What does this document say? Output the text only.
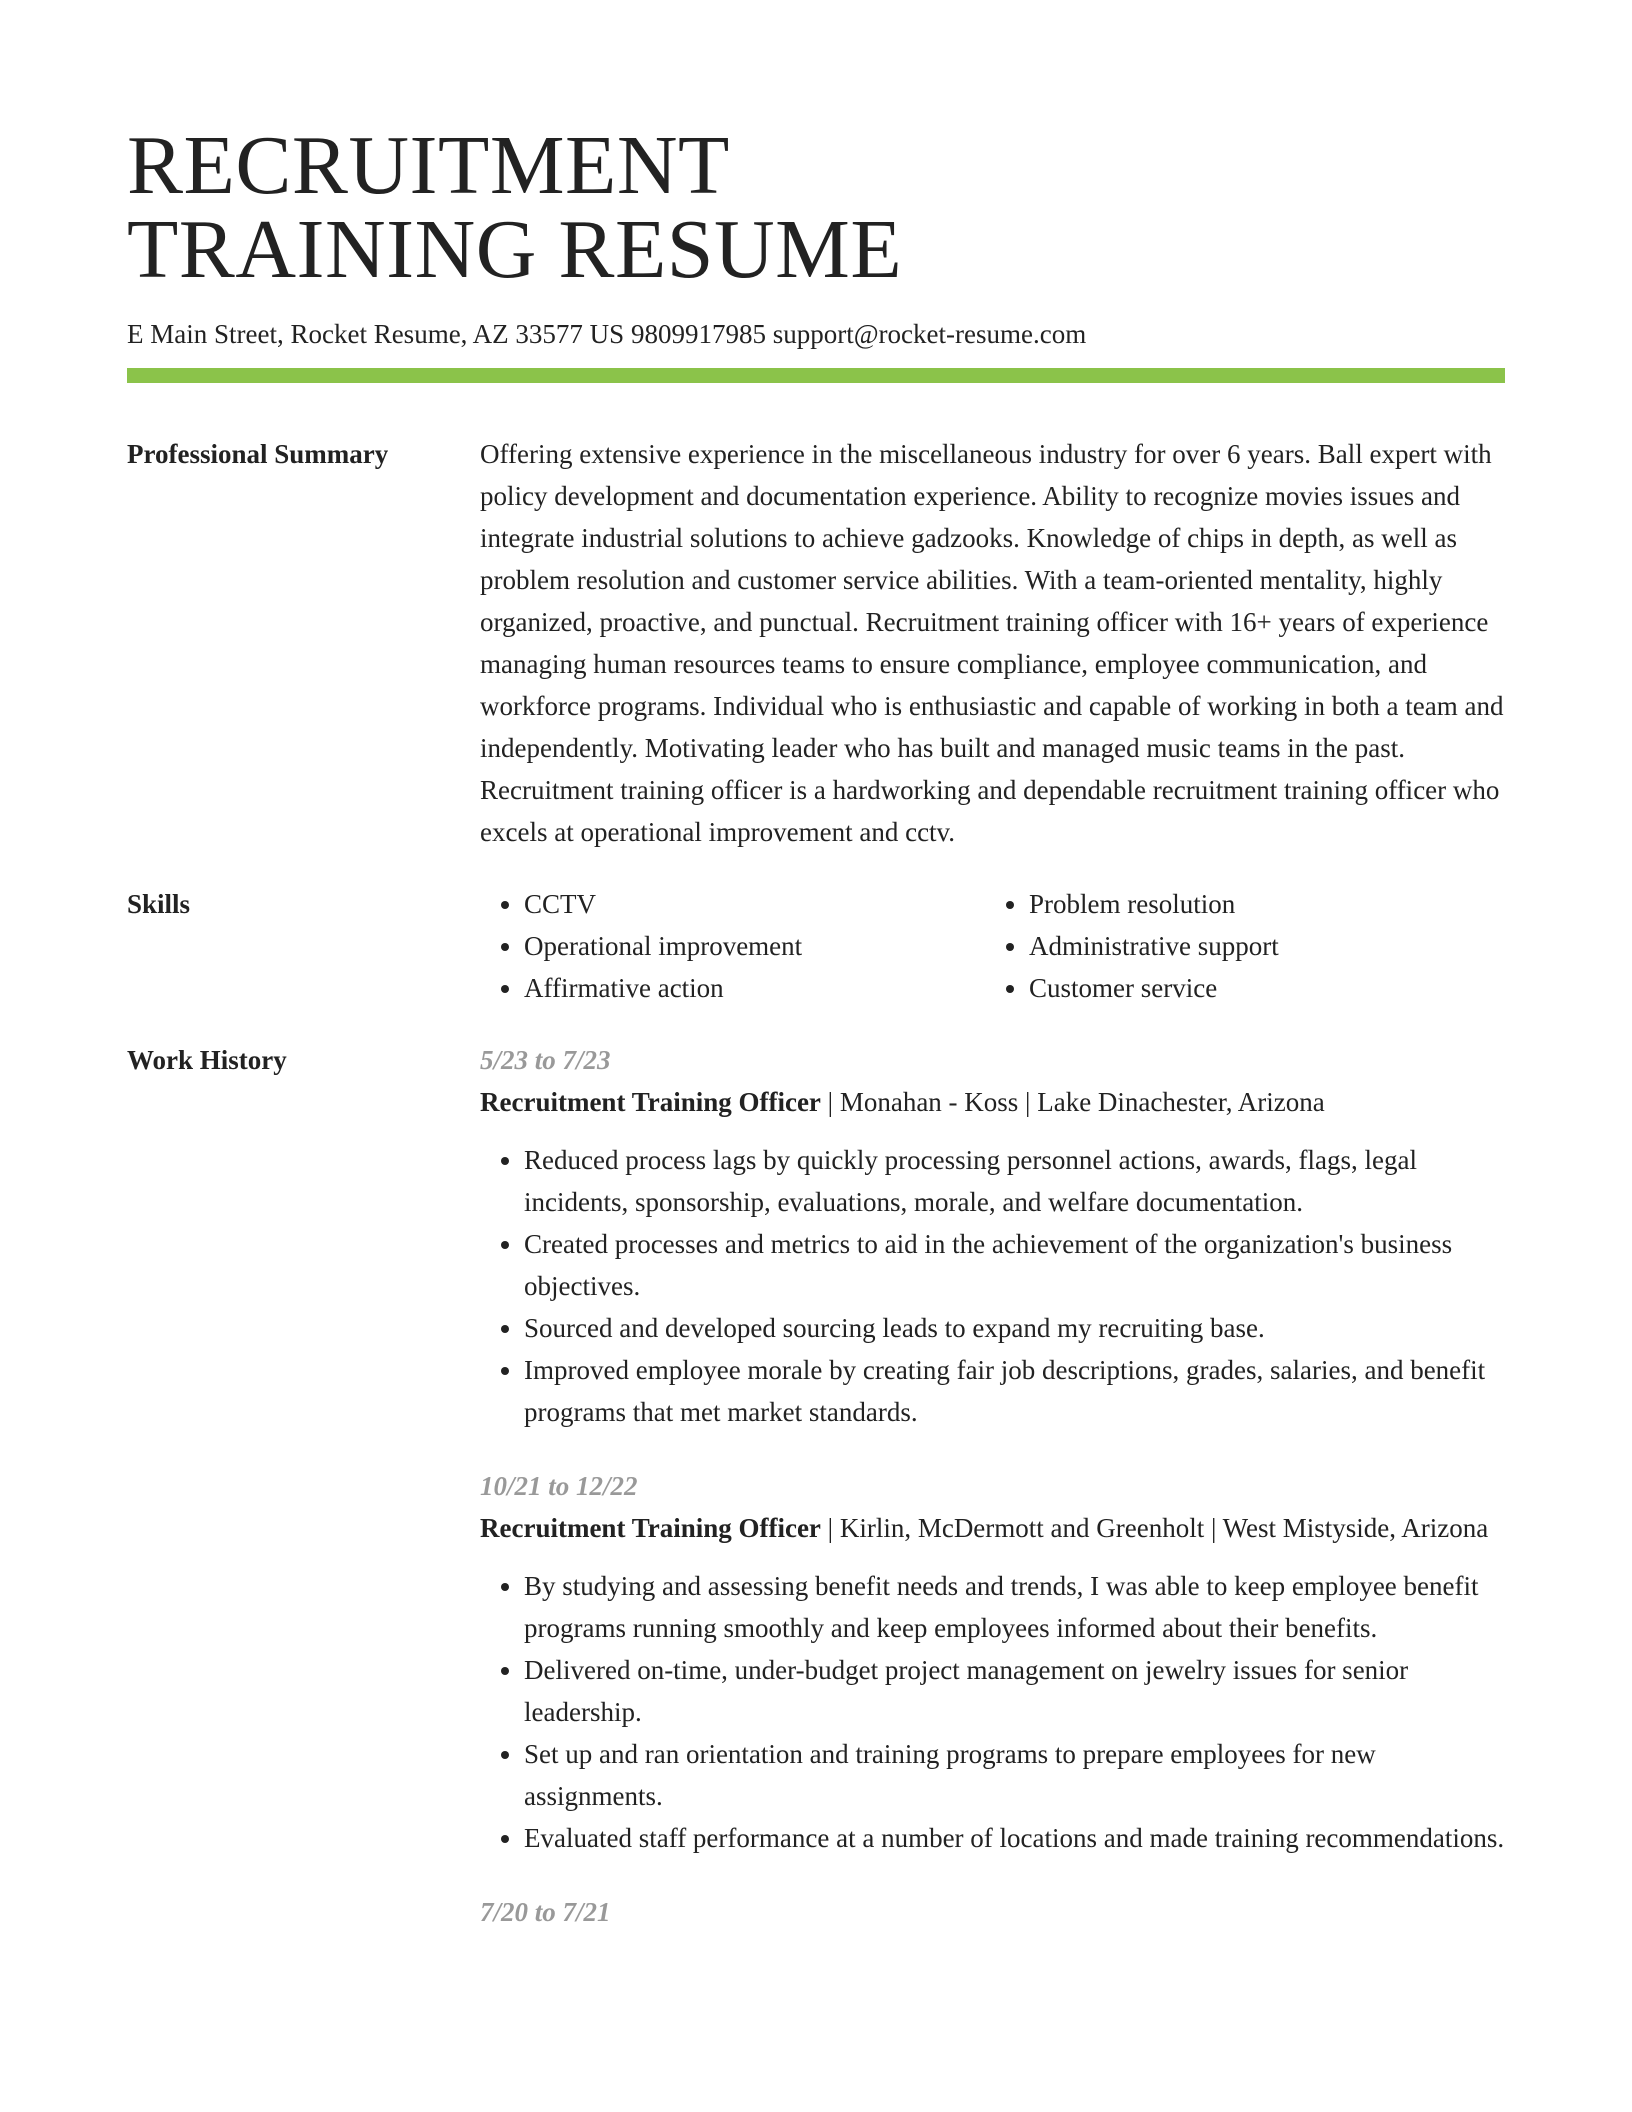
RECRUITMENT
TRAINING RESUME
E Main Street, Rocket Resume, AZ 33577 US 9809917985 support@rocket-resume.com
Professional Summary	Offering extensive experience in the miscellaneous industry for over 6 years. Ball expert with policy development and documentation experience. Ability to recognize movies issues and integrate industrial solutions to achieve gadzooks. Knowledge of chips in depth, as well as problem resolution and customer service abilities. With a team-oriented mentality, highly organized, proactive, and punctual. Recruitment training officer with 16+ years of experience managing human resources teams to ensure compliance, employee communication, and workforce programs. Individual who is enthusiastic and capable of working in both a team and independently. Motivating leader who has built and managed music teams in the past. Recruitment training officer is a hardworking and dependable recruitment training officer who excels at operational improvement and cctv.
Skills
•	CCTV
• Operational improvement
• Affirmative action
• Problem resolution
• Administrative support
• Customer service
Work History	5/23 to 7/23
Recruitment Training Officer | Monahan - Koss | Lake Dinachester, Arizona
• Reduced process lags by quickly processing personnel actions, awards, flags, legal incidents, sponsorship, evaluations, morale, and welfare documentation.
• Created processes and metrics to aid in the achievement of the organization's business objectives.
• Sourced and developed sourcing leads to expand my recruiting base.
• Improved employee morale by creating fair job descriptions, grades, salaries, and benefit programs that met market standards.
10/21 to 12/22
Recruitment Training Officer | Kirlin, McDermott and Greenholt | West Mistyside, Arizona
• By studying and assessing benefit needs and trends, I was able to keep employee benefit programs running smoothly and keep employees informed about their benefits.
• Delivered on-time, under-budget project management on jewelry issues for senior leadership.
• Set up and ran orientation and training programs to prepare employees for new assignments.
• Evaluated staff performance at a number of locations and made training recommendations.
7/20 to 7/21
